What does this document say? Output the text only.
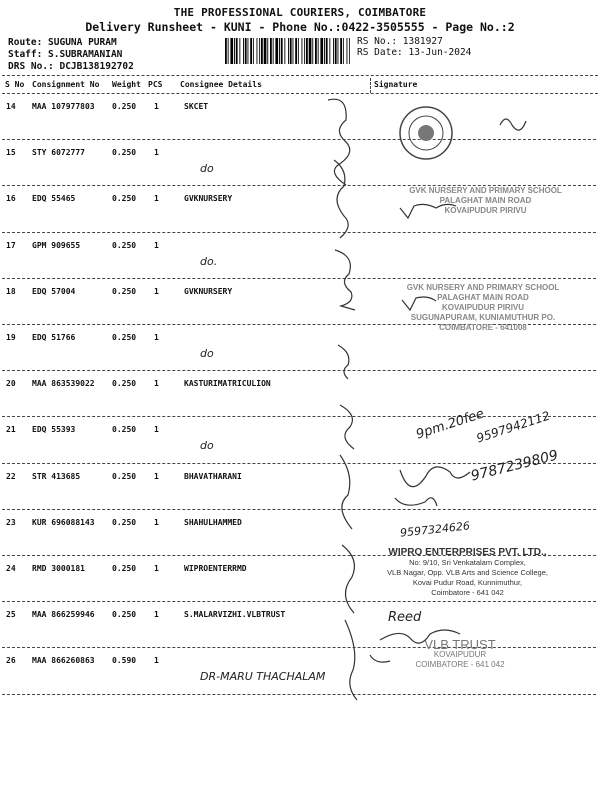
THE PROFESSIONAL COURIERS, COIMBATORE
Delivery Runsheet - KUNI - Phone No.:0422-3505555 - Page No.:2
Route: SUGUNA PURAM
Staff: S.SUBRAMANIAN
DRS No.: DCJB138192702
RS No.: 1381927
RS Date: 13-Jun-2024
S No Consignment No Weight PCS Consignee Details	Signature
14 MAA 107977803 0.250 1	SKCET
15 STY 6072777	0.250 1
do
16 EDQ 55465	0.250 1	GVKNURSERY
17 GPM 909655	0.250 1
do.
18 EDQ 57004	0.250 1	GVKNURSERY
19 EDQ 51766	0.250 1
do
20 MAA 863539022 0.250 1	KASTURIMATRICULION
21 EDQ 55393	0.250 1
do
22 STR 413685	0.250 1	BHAVATHARANI
23 KUR 696088143 0.250 1	SHAHULHAMMED
24 RMD 3000181	0.250 1	WIPROENTERRMD
25 MAA 866259946 0.250 1	S.MALARVIZHI.VLBTRUST
26 MAA 866260863 0.590 1
DR-MARU THACHALAM
GVK NURSERY AND PRIMARY SCHOOL
PALAGHAT MAIN ROAD
KOVAIPUDUR PIRIVU
GVK NURSERY AND PRIMARY SCHOOL
PALAGHAT MAIN ROAD
KOVAIPUDUR PIRIVU
SUGUNAPURAM, KUNIAMUTHUR PO.
COIMBATORE - 641008
WIPRO ENTERPRISES PVT. LTD.,
No: 9/10, Sri Venkatalam Complex,
VLB Nagar, Opp. VLB Arts and Science College,
Kovai Pudur Road, Kunnimuthur,
Coimbatore - 641 042
VLB TRUST
KOVAIPUDUR
COIMBATORE - 641 042
9pm.20fee
9597942112
9787239809
9597324626
Reed
